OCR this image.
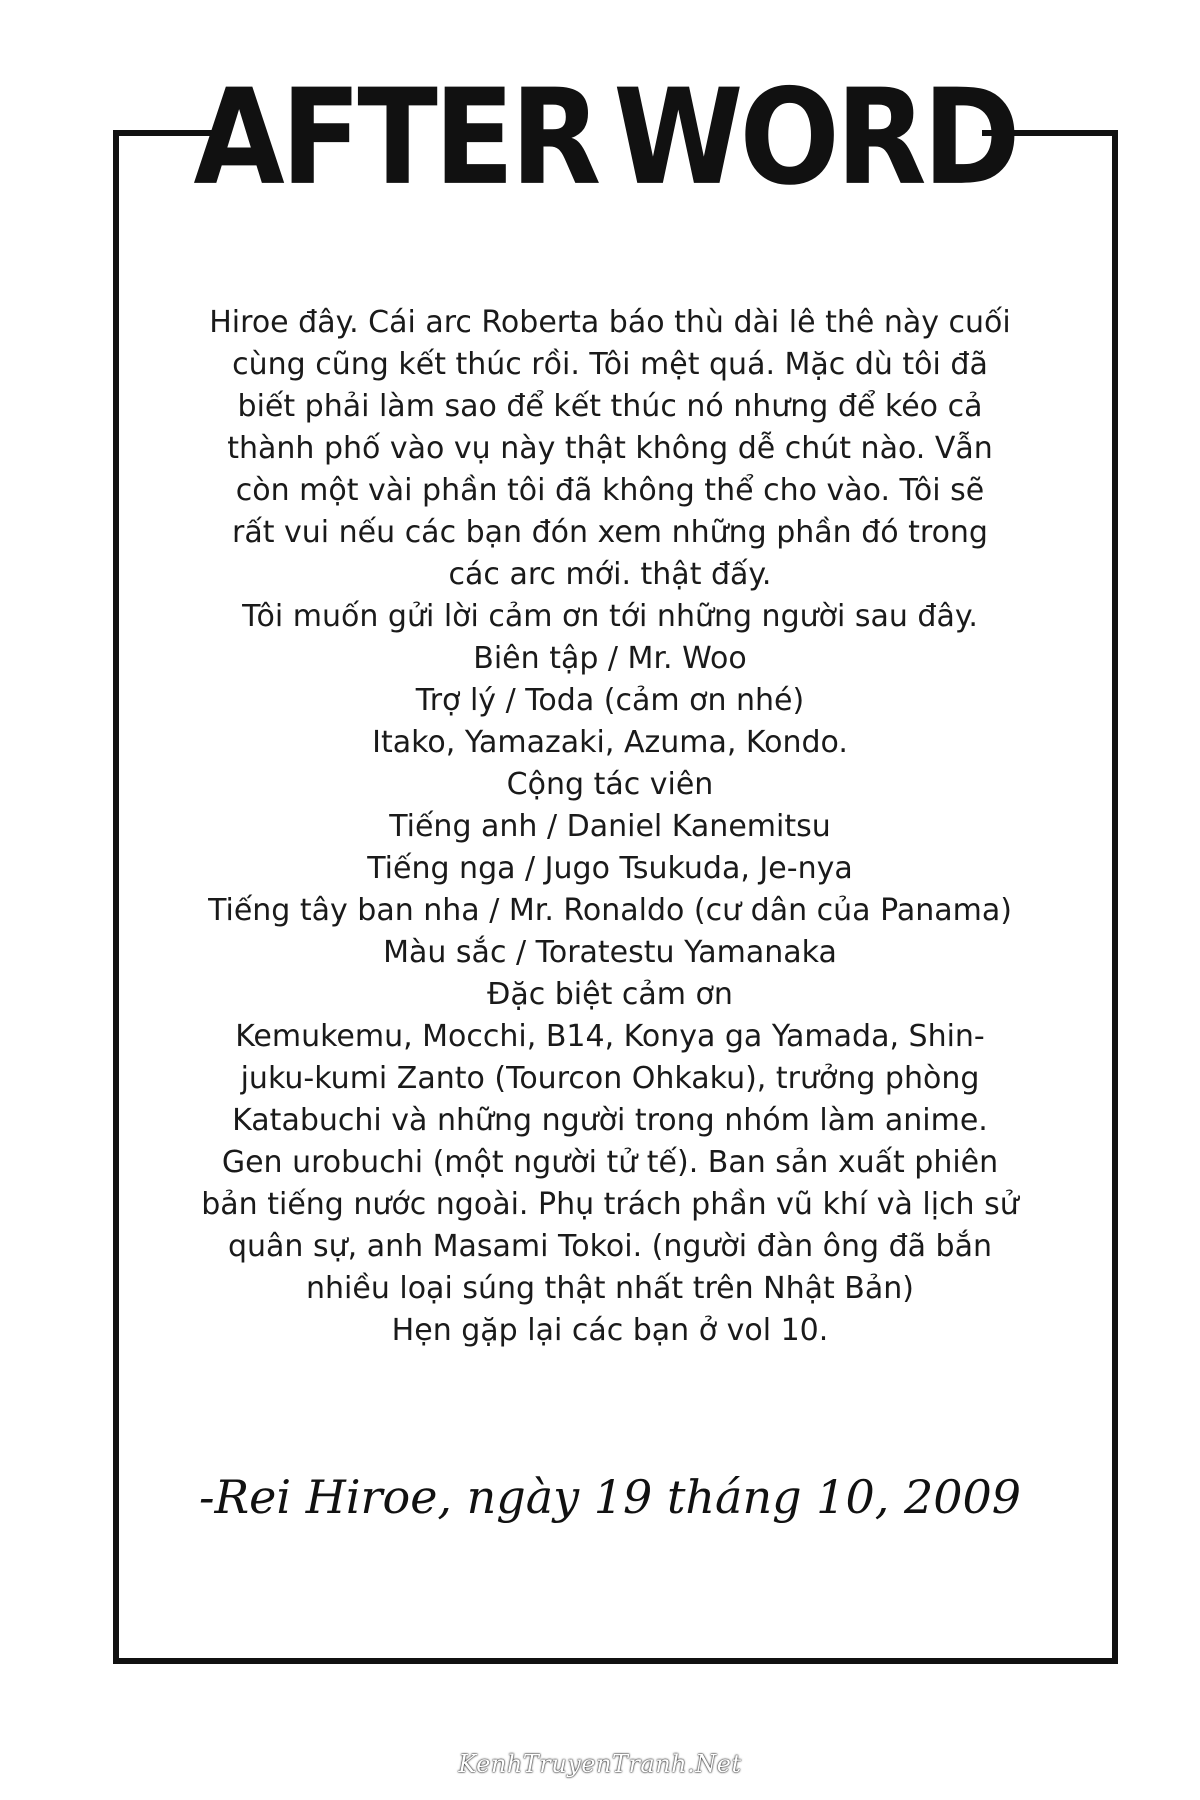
AFTER WORD

Hiroe đây. Cái arc Roberta báo thù dài lê thê này cuối

cùng cũng kết thúc rồi. Tôi mệt quá. Mặc dù tôi đã

biết phải làm sao để kết thúc nó nhưng để kéo cả

thành phố vào vụ này thật không dễ chút nào. Vẫn

còn một vài phần tôi đã không thể cho vào. Tôi sẽ

rất vui nếu các bạn đón xem những phần đó trong

các arc mới. thật đấy.

Tôi muốn gửi lời cảm ơn tới những người sau đây.

Biên tập / Mr. Woo

Trợ lý / Toda (cảm ơn nhé)

Itako, Yamazaki, Azuma, Kondo.

Cộng tác viên

Tiếng anh / Daniel Kanemitsu

Tiếng nga / Jugo Tsukuda, Je-nya

Tiếng tây ban nha / Mr. Ronaldo (cư dân của Panama)

Màu sắc / Toratestu Yamanaka

Đặc biệt cảm ơn

Kemukemu, Mocchi, B14, Konya ga Yamada, Shin-

juku-kumi Zanto (Tourcon Ohkaku), trưởng phòng

Katabuchi và những người trong nhóm làm anime.

Gen urobuchi (một người tử tế). Ban sản xuất phiên

bản tiếng nước ngoài. Phụ trách phần vũ khí và lịch sử

quân sự, anh Masami Tokoi. (người đàn ông đã bắn

nhiều loại súng thật nhất trên Nhật Bản)

Hẹn gặp lại các bạn ở vol 10.

-Rei Hiroe, ngày 19 tháng 10, 2009
KenhTruyenTranh.Net
